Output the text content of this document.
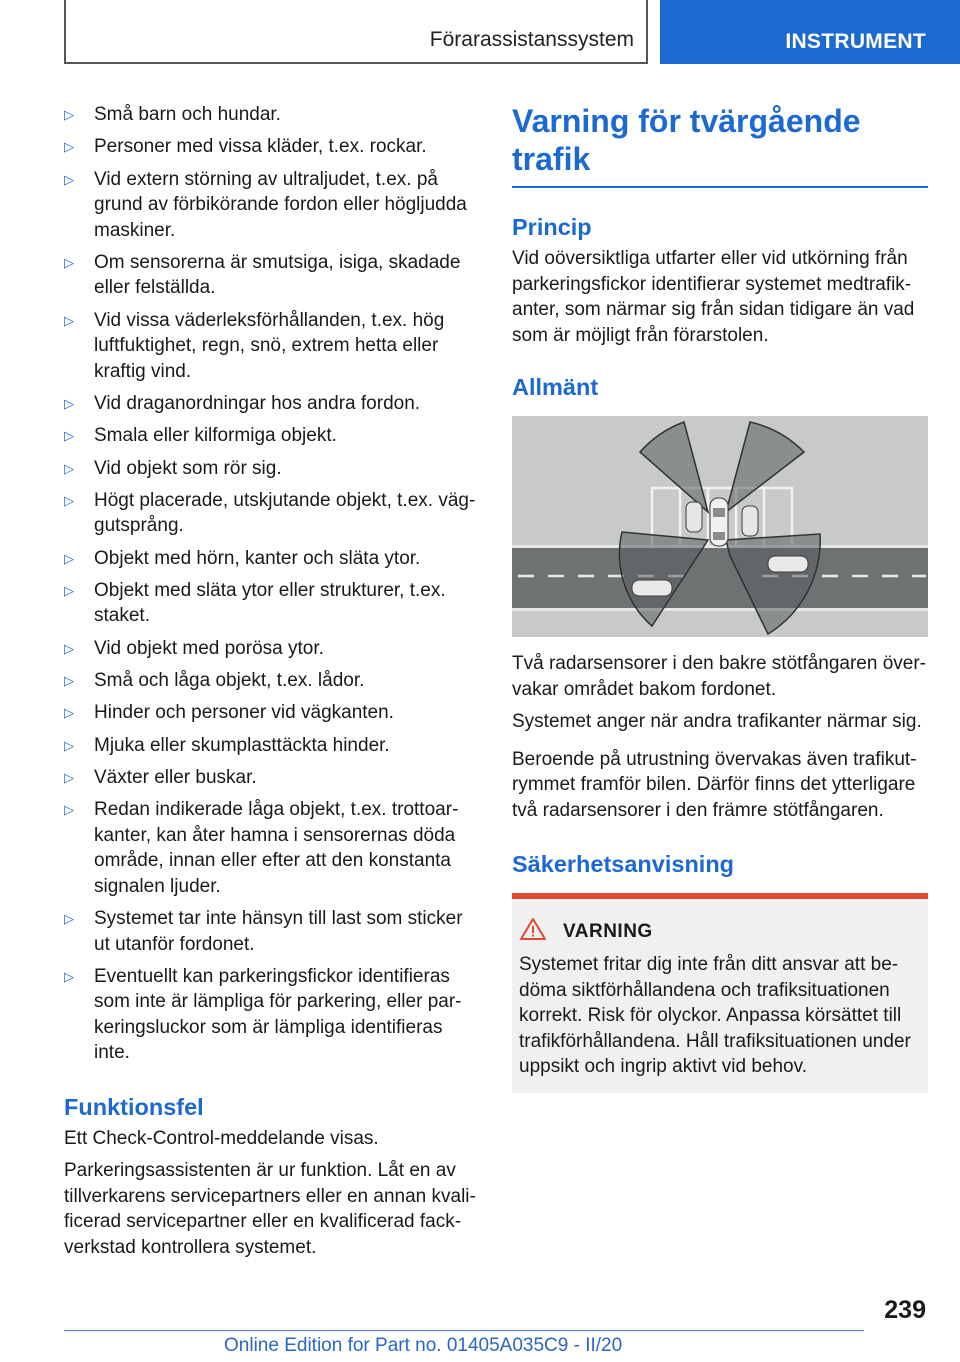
Förarassistanssystem	INSTRUMENT
▷ Små barn och hundar.
▷ Personer med vissa kläder, t.ex. rockar.
▷ Vid extern störning av ultraljudet, t.ex. på grund av förbikörande fordon eller högljudda maskiner.
▷ Om sensorerna är smutsiga, isiga, skadade eller felställda.
▷ Vid vissa väderleksförhållanden, t.ex. hög luftfuktighet, regn, snö, extrem hetta eller kraftig vind.
▷ Vid draganordningar hos andra fordon.
▷ Smala eller kilformiga objekt.
▷ Vid objekt som rör sig.
▷ Högt placerade, utskjutande objekt, t.ex. väggutsprång.
▷ Objekt med hörn, kanter och släta ytor.
▷ Objekt med släta ytor eller strukturer, t.ex. staket.
▷ Vid objekt med porösa ytor.
▷ Små och låga objekt, t.ex. lådor.
▷ Hinder och personer vid vägkanten.
▷ Mjuka eller skumplasttäckta hinder.
▷ Växter eller buskar.
▷ Redan indikerade låga objekt, t.ex. trottoarkanter, kan åter hamna i sensorernas döda område, innan eller efter att den konstanta signalen ljuder.
▷ Systemet tar inte hänsyn till last som sticker ut utanför fordonet.
▷ Eventuellt kan parkeringsfickor identifieras som inte är lämpliga för parkering, eller parkeringsluckor som är lämpliga identifieras inte.
Funktionsfel

Ett Check-Control-meddelande visas.

Parkeringsassistenten är ur funktion. Låt en av tillverkarens servicepartners eller en annan kvalificerad servicepartner eller en kvalificerad fackverkstad kontrollera systemet.

Varning för tvärgående trafik
Princip

Vid oöversiktliga utfarter eller vid utkörning från parkeringsfickor identifierar systemet medtrafikanter, som närmar sig från sidan tidigare än vad som är möjligt från förarstolen.

Allmänt

Två radarsensorer i den bakre stötfångaren övervakar området bakom fordonet.

Systemet anger när andra trafikanter närmar sig.

Beroende på utrustning övervakas även trafikutrymmet framför bilen. Därför finns det ytterligare två radarsensorer i den främre stötfångaren.

Säkerhetsanvisning
VARNING

Systemet fritar dig inte från ditt ansvar att bedöma siktförhållandena och trafiksituationen korrekt. Risk för olyckor. Anpassa körsättet till trafikförhållandena. Håll trafiksituationen under uppsikt och ingrip aktivt vid behov.

239
Online Edition for Part no. 01405A035C9 - II/20
